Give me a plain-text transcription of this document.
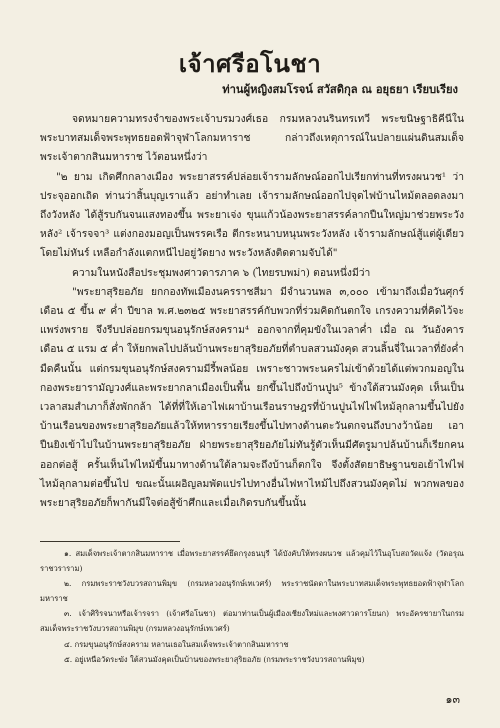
เจ้าศรีอโนชา
ท่านผู้หญิงสมโรจน์ สวัสดิกุล ณ อยุธยา เรียบเรียง

จดหมายความทรงจำของพระเจ้าบรมวงศ์เธอ กรมหลวงนรินทรเทวี พระขนิษฐาธิคีนีในพระบาทสมเด็จพระพุทธยอดฟ้าจุฬาโลกมหาราช กล่าวถึงเหตุการณ์ในปลายแผ่นดินสมเด็จพระเจ้าตากสินมหาราช ไว้ตอนหนึ่งว่า

"๒ ยาม เกิดศึกกลางเมือง พระยาสรรค์ปล่อยเจ้ารามลักษณ์ออกไปเรียกท่านที่ทรงผนวช¹ ว่าประจุออกเถิด ท่านว่าสิ้นบุญเราแล้ว อย่าทำเลย เจ้ารามลักษณ์ออกไปจุดไฟบ้านไหม้ตลอดลงมาถึงวังหลัง ได้สู้รบกันจนแสงทองขึ้น พระยาเจ่ง ขุนแก้วน้องพระยาสรรค์ลากปืนใหญ่มาช่วยพระวังหลัง² เจ้ารจจา³ แต่งกองมอญเป็นพรรคเรือ ตีกระหนาบหนุนพระวังหลัง เจ้ารามลักษณ์สู้แต่ผู้เดียวโดยไม่หันร์ เหลือกำลังแตกหนีไปอยู่วัดยาง พระวังหลังติดตามจับได้"

ความในหนังสือประชุมพงศาวดารภาค ๖ (ไทยรบพม่า) ตอนหนึ่งมีว่า

"พระยาสุริยอภัย ยกกองทัพเมืองนครราชสีมา มีจำนวนพล ๓,๐๐๐ เข้ามาถึงเมื่อวันศุกร์ เดือน ๕ ขึ้น ๙ ค่ำ ปีขาล พ.ศ.๒๓๒๕ พระยาสรรค์กับพวกที่ร่วมคิดกันตกใจ เกรงความที่คิดไว้จะแพร่งพราย จึงรีบปล่อยกรมขุนอนุรักษ์สงคราม⁴ ออกจากที่คุมขังในเวลาค่ำ เมื่อ ณ วันอังคาร เดือน ๕ แรม ๕ ค่ำ ให้ยกพลไปปล้นบ้านพระยาสุริยอภัยที่ตำบลสวนมังคุด สวนลิ้นจี่ในเวลาที่ยังค่ำมืดคืนนั้น แต่กรมขุนอนุรักษ์สงครามมีรี้พลน้อย เพราะชาวพระนครไม่เข้าด้วยได้แต่พวกมอญในกองพระยารามัญวงศ์และพระยากลาเมืองเป็นพื้น ยกขึ้นไปถึงบ้านปูน⁵ ข้างใต้สวนมังคุด เห็นเป็นเวลาสมสำเภาก็สั่งพักกล้า ได้ที่ที่ให้เอาไฟเผาบ้านเรือนราษฎรที่บ้านปูนไฟไฟไหม้ลุกลามขึ้นไปยังบ้านเรือนของพระยาสุริยอภัยแล้วให้ทหารรายเรียงขึ้นไปทางด้านตะวันตกจนถึงบางว้าน้อย เอาปืนยิงเข้าไปในบ้านพระยาสุริยอภัย ฝ่ายพระยาสุริยอภัยไม่ทันรู้ตัวเห็นมีศัตรูมาปล้นบ้านก็เรียกคนออกต่อสู้ ครั้นเห็นไฟไหม้ขึ้นมาทางด้านใต้ลามจะถึงบ้านก็ตกใจ จึงตั้งสัตยาธิษฐานขอเย้าไฟไฟไหม้ลุกลามต่อขึ้นไป ขณะนั้นเผอิญลมพัดแปรไปทางอื่นไฟหาไหม้ไปถึงสวนมังคุดไม่ พวกพลของพระยาสุริยอภัยก็พากันมีใจต่อสู้ข้าศึกและเมื่อเกิดรบกันขึ้นนั้น

๑. สมเด็จพระเจ้าตากสินมหาราช เมื่อพระยาสรรค์ยึดกรุงธนบุรี ได้บังคับให้ทรงผนวช แล้วคุมไว้ในอุโบสถวัดแจ้ง (วัดอรุณราชวราราม)

๒. กรมพระราชวังบวรสถานพิมุข (กรมหลวงอนุรักษ์เทเวศร์) พระราชนัดดาในพระบาทสมเด็จพระพุทธยอดฟ้าจุฬาโลกมหาราช

๓. เจ้าศิริรจนาหรือเจ้ารจรา (เจ้าศรีอโนชา) ต่อมาท่านเป็นผู้เมืองเชียงใหม่และพงศาวดารโยนก) พระอัครชายาในกรมสมเด็จพระราชวังบวรสถานพิมุข (กรมหลวงอนุรักษ์เทเวศร์)

๔. กรมขุนอนุรักษ์สงคราม หลานเธอในสมเด็จพระเจ้าตากสินมหาราช

๕. อยู่เหนือวัดระฆัง ใต้สวนมังคุดเป็นบ้านของพระยาสุริยอภัย (กรมพระราชวังบวรสถานพิมุข)

๑๓
